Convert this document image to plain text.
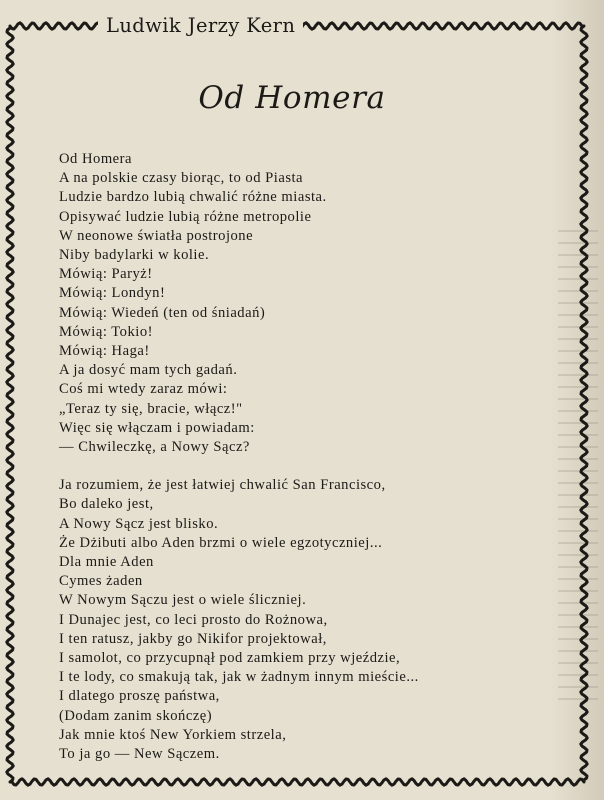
Ludwik Jerzy Kern
Od Homera
Od Homera
A na polskie czasy biorąc, to od Piasta
Ludzie bardzo lubią chwalić różne miasta.
Opisywać ludzie lubią różne metropolie
W neonowe światła postrojone
Niby badylarki w kolie.
Mówią: Paryż!
Mówią: Londyn!
Mówią: Wiedeń (ten od śniadań)
Mówią: Tokio!
Mówią: Haga!
A ja dosyć mam tych gadań.
Coś mi wtedy zaraz mówi:
„Teraz ty się, bracie, włącz!"
Więc się włączam i powiadam:
— Chwileczkę, a Nowy Sącz?
Ja rozumiem, że jest łatwiej chwalić San Francisco,
Bo daleko jest,
A Nowy Sącz jest blisko.
Że Dżibuti albo Aden brzmi o wiele egzotyczniej...
Dla mnie Aden
Cymes żaden
W Nowym Sączu jest o wiele śliczniej.
I Dunajec jest, co leci prosto do Rożnowa,
I ten ratusz, jakby go Nikifor projektował,
I samolot, co przycupnął pod zamkiem przy wjeździe,
I te lody, co smakują tak, jak w żadnym innym mieście...
I dlatego proszę państwa,
(Dodam zanim skończę)
Jak mnie ktoś New Yorkiem strzela,
To ja go — New Sączem.
